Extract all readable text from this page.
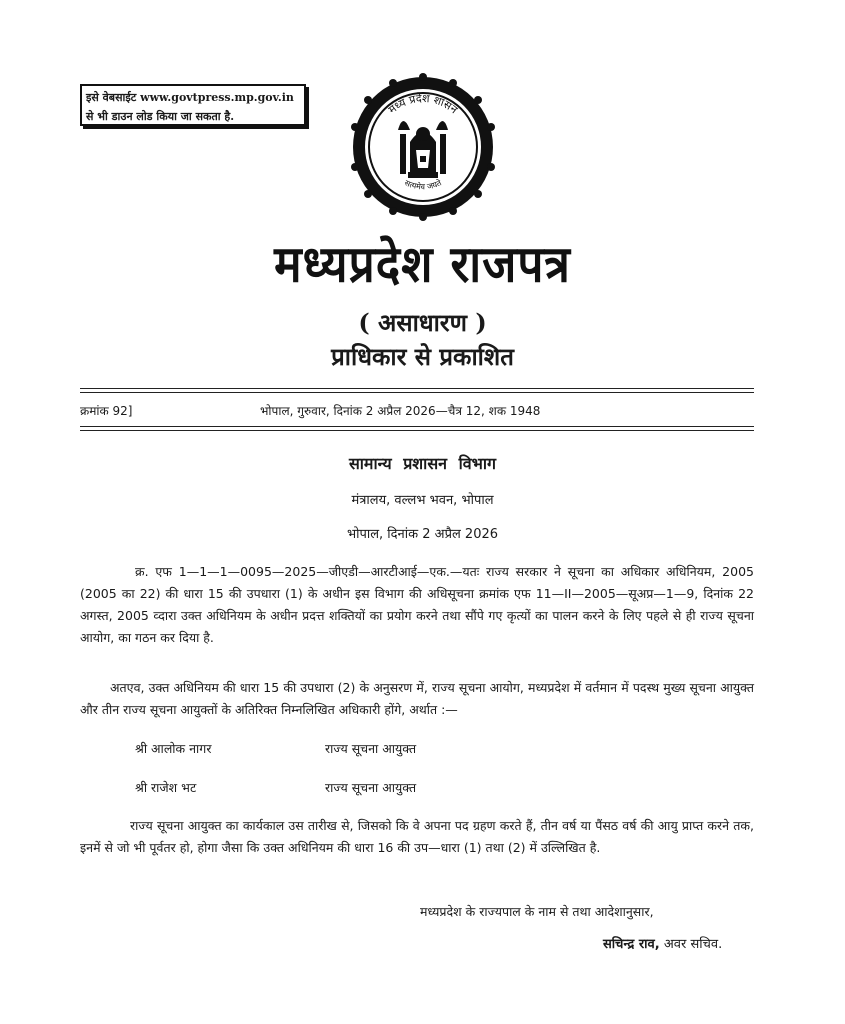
इसे वेबसाईट www.govtpress.mp.gov.in
से भी डाउन लोड किया जा सकता है.
मध्य प्रदेश शासन
सत्यमेव जयते
मध्यप्रदेश राजपत्र
( असाधारण )
प्राधिकार से प्रकाशित
क्रमांक 92]	भोपाल, गुरुवार, दिनांक 2 अप्रैल 2026—चैत्र 12, शक 1948
सामान्य प्रशासन विभाग
मंत्रालय, वल्लभ भवन, भोपाल
भोपाल, दिनांक 2 अप्रैल 2026

क्र. एफ 1—1—1—0095—2025—जीएडी—आरटीआई—एक.—यतः राज्य सरकार ने सूचना का अधिकार अधिनियम, 2005 (2005 का 22) की धारा 15 की उपधारा (1) के अधीन इस विभाग की अधिसूचना क्रमांक एफ 11—II—2005—सूअप्र—1—9, दिनांक 22 अगस्त, 2005 व्दारा उक्त अधिनियम के अधीन प्रदत्त शक्तियों का प्रयोग करने तथा सौंपे गए कृत्यों का पालन करने के लिए पहले से ही राज्य सूचना आयोग, का गठन कर दिया है.

अतएव, उक्त अधिनियम की धारा 15 की उपधारा (2) के अनुसरण में, राज्य सूचना आयोग, मध्यप्रदेश में वर्तमान में पदस्थ मुख्य सूचना आयुक्त और तीन राज्य सूचना आयुक्तों के अतिरिक्त निम्नलिखित अधिकारी होंगे, अर्थात :—

श्री आलोक नागर	राज्य सूचना आयुक्त
श्री राजेश भट	राज्य सूचना आयुक्त

राज्य सूचना आयुक्त का कार्यकाल उस तारीख से, जिसको कि वे अपना पद ग्रहण करते हैं, तीन वर्ष या पैंसठ वर्ष की आयु प्राप्त करने तक, इनमें से जो भी पूर्वतर हो, होगा जैसा कि उक्त अधिनियम की धारा 16 की उप—धारा (1) तथा (2) में उल्लिखित है.

मध्यप्रदेश के राज्यपाल के नाम से तथा आदेशानुसार,
सचिन्द्र राव, अवर सचिव.
